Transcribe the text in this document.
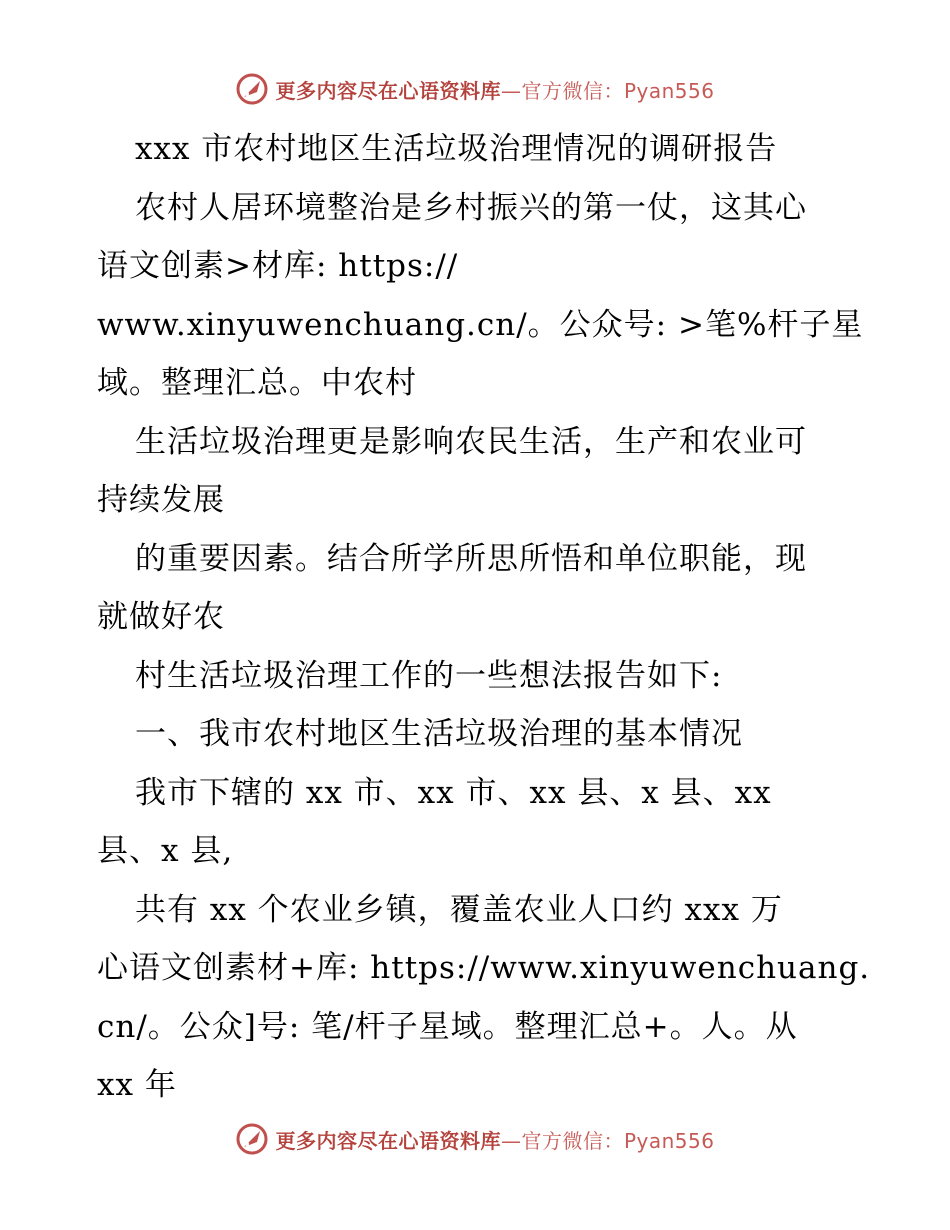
更多内容尽在心语资料库—官方微信：Pyan556
xxx 市农村地区生活垃圾治理情况的调研报告
农村人居环境整治是乡村振兴的第一仗，这其心
语文创素>材库: https://
www.xinyuwenchuang.cn/。公众号: >笔%杆子星
域。整理汇总。中农村
生活垃圾治理更是影响农民生活，生产和农业可
持续发展
的重要因素。结合所学所思所悟和单位职能，现
就做好农
村生活垃圾治理工作的一些想法报告如下:
一、我市农村地区生活垃圾治理的基本情况
我市下辖的 xx 市、xx 市、xx 县、x 县、xx
县、x 县,
共有 xx 个农业乡镇，覆盖农业人口约 xxx 万
心语文创素材+库: https://www.xinyuwenchuang.
cn/。公众]号: 笔/杆子星域。整理汇总+。人。从
xx 年
更多内容尽在心语资料库—官方微信：Pyan556
